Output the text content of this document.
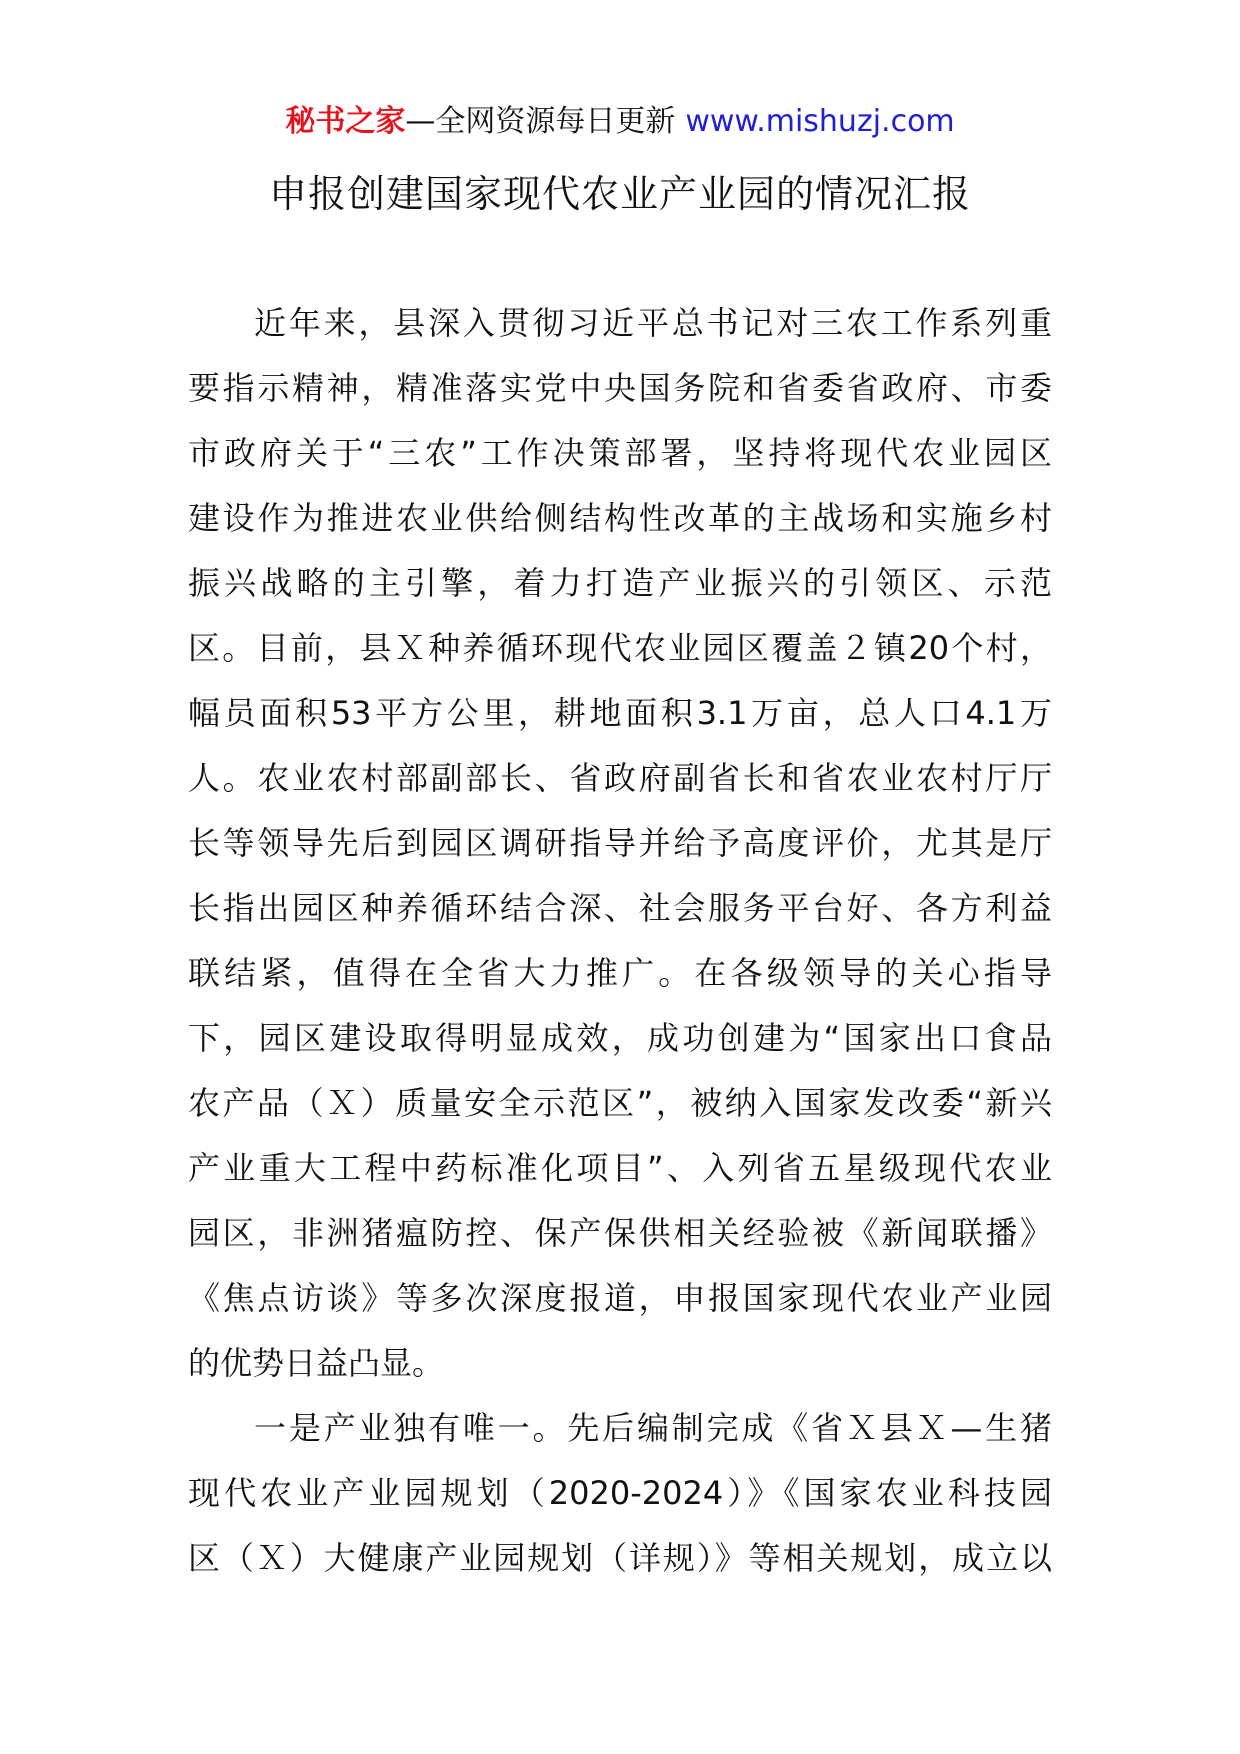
秘书之家—全网资源每日更新 www.mishuzj.com
申报创建国家现代农业产业园的情况汇报
近年来，县深入贯彻习近平总书记对三农工作系列重
要指示精神，精准落实党中央国务院和省委省政府、市委
市政府关于“三农”工作决策部署，坚持将现代农业园区
建设作为推进农业供给侧结构性改革的主战场和实施乡村
振兴战略的主引擎，着力打造产业振兴的引领区、示范
区。目前，县Ｘ种养循环现代农业园区覆盖２镇20个村，
幅员面积53平方公里，耕地面积3.1万亩，总人口4.1万
人。农业农村部副部长、省政府副省长和省农业农村厅厅
长等领导先后到园区调研指导并给予高度评价，尤其是厅
长指出园区种养循环结合深、社会服务平台好、各方利益
联结紧，值得在全省大力推广。在各级领导的关心指导
下，园区建设取得明显成效，成功创建为“国家出口食品
农产品（Ｘ）质量安全示范区”，被纳入国家发改委“新兴
产业重大工程中药标准化项目”、入列省五星级现代农业
园区，非洲猪瘟防控、保产保供相关经验被《新闻联播》
《焦点访谈》等多次深度报道，申报国家现代农业产业园
的优势日益凸显。
一是产业独有唯一。先后编制完成《省Ｘ县Ｘ—生猪
现代农业产业园规划（2020-2024）》《国家农业科技园
区（Ｘ）大健康产业园规划（详规）》等相关规划，成立以
